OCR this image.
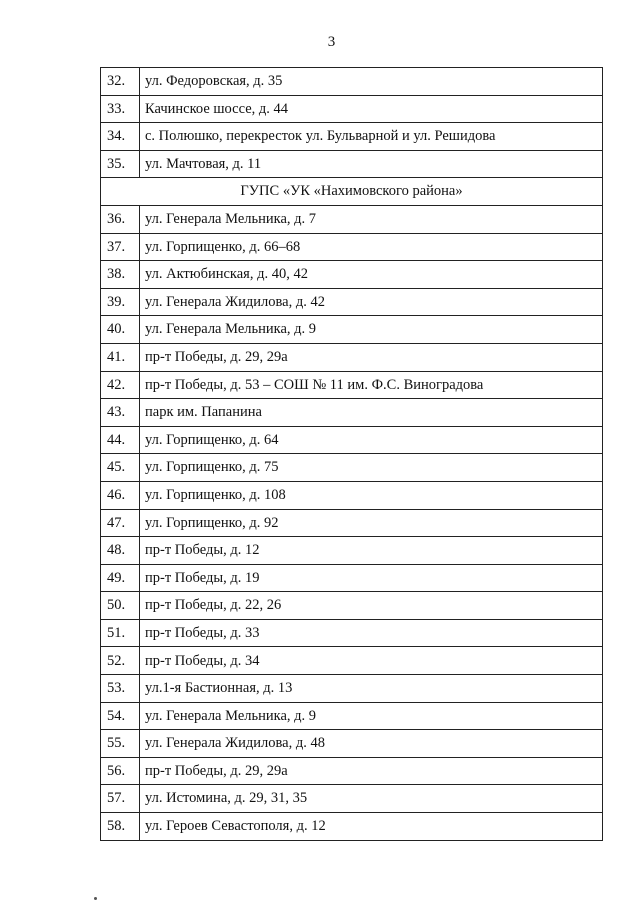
3
32.	ул. Федоровская, д. 35
33.	Качинское шоссе, д. 44
34.	с. Полюшко, перекресток ул. Бульварной и ул. Решидова
35.	ул. Мачтовая, д. 11
ГУПС «УК «Нахимовского района»	
36.	ул. Генерала Мельника, д. 7
37.	ул. Горпищенко, д. 66–68
38.	ул. Актюбинская, д. 40, 42
39.	ул. Генерала Жидилова, д. 42
40.	ул. Генерала Мельника, д. 9
41.	пр-т Победы, д. 29, 29а
42.	пр-т Победы, д. 53 – СОШ № 11 им. Ф.С. Виноградова
43.	парк им. Папанина
44.	ул. Горпищенко, д. 64
45.	ул. Горпищенко, д. 75
46.	ул. Горпищенко, д. 108
47.	ул. Горпищенко, д. 92
48.	пр-т Победы, д. 12
49.	пр-т Победы, д. 19
50.	пр-т Победы, д. 22, 26
51.	пр-т Победы, д. 33
52.	пр-т Победы, д. 34
53.	ул.1-я Бастионная, д. 13
54.	ул. Генерала Мельника, д. 9
55.	ул. Генерала Жидилова, д. 48
56.	пр-т Победы, д. 29, 29а
57.	ул. Истомина, д. 29, 31, 35
58.	ул. Героев Севастополя, д. 12
